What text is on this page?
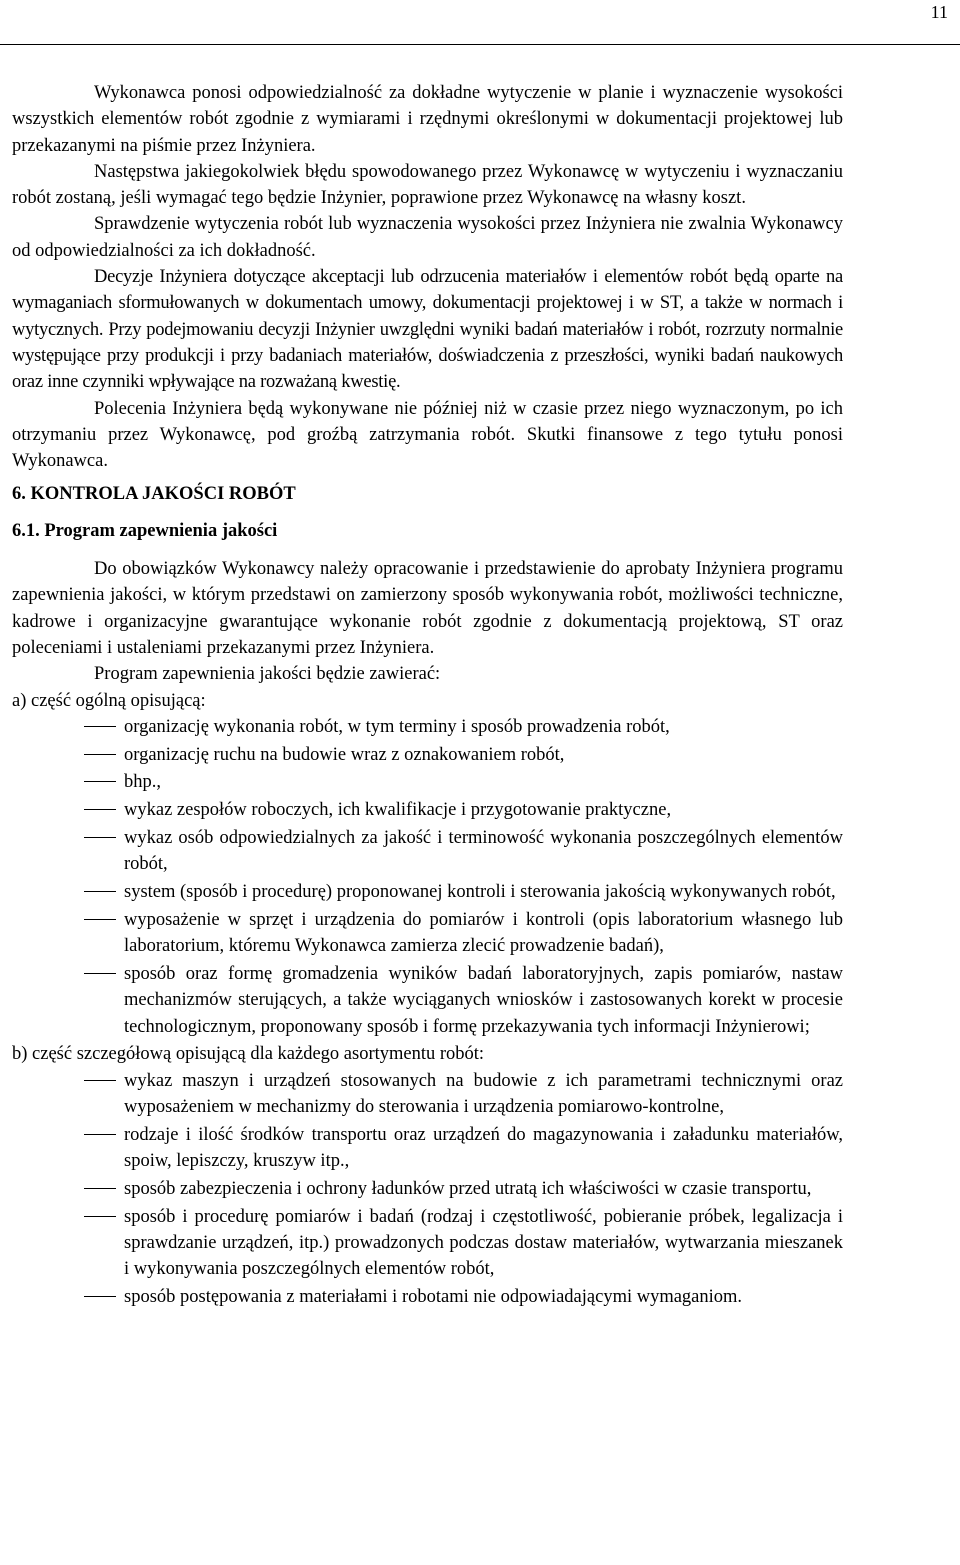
11

Wykonawca ponosi odpowiedzialność za dokładne wytyczenie w planie i wyznaczenie wysokości wszystkich elementów robót zgodnie z wymiarami i rzędnymi określonymi w dokumentacji projektowej lub przekazanymi na piśmie przez Inżyniera.

Następstwa jakiegokolwiek błędu spowodowanego przez Wykonawcę w wytyczeniu i wyznaczaniu robót zostaną, jeśli wymagać tego będzie Inżynier, poprawione przez Wykonawcę na własny koszt.

Sprawdzenie wytyczenia robót lub wyznaczenia wysokości przez Inżyniera nie zwalnia Wykonawcy od odpowiedzialności za ich dokładność.

Decyzje Inżyniera dotyczące akceptacji lub odrzucenia materiałów i elementów robót będą oparte na wymaganiach sformułowanych w dokumentach umowy, dokumentacji projektowej i w ST, a także w normach i wytycznych. Przy podejmowaniu decyzji Inżynier uwzględni wyniki badań materiałów i robót, rozrzuty normalnie występujące przy produkcji i przy badaniach materiałów, doświadczenia z przeszłości, wyniki badań naukowych oraz inne czynniki wpływające na rozważaną kwestię.

Polecenia Inżyniera będą wykonywane nie później niż w czasie przez niego wyznaczonym, po ich otrzymaniu przez Wykonawcę, pod groźbą zatrzymania robót. Skutki finansowe z tego tytułu ponosi Wykonawca.

6. KONTROLA JAKOŚCI ROBÓT
6.1. Program zapewnienia jakości

Do obowiązków Wykonawcy należy opracowanie i przedstawienie do aprobaty Inżyniera programu zapewnienia jakości, w którym przedstawi on zamierzony sposób wykonywania robót, możliwości techniczne, kadrowe i organizacyjne gwarantujące wykonanie robót zgodnie z dokumentacją projektową, ST oraz poleceniami i ustaleniami przekazanymi przez Inżyniera.

Program zapewnienia jakości będzie zawierać:

a) część ogólną opisującą:

organizację wykonania robót, w tym terminy i sposób prowadzenia robót,
organizację ruchu na budowie wraz z oznakowaniem robót,
bhp.,
wykaz zespołów roboczych, ich kwalifikacje i przygotowanie praktyczne,
wykaz osób odpowiedzialnych za jakość i terminowość wykonania poszczególnych elementów robót,
system (sposób i procedurę) proponowanej kontroli i sterowania jakością wykonywanych robót,
wyposażenie w sprzęt i urządzenia do pomiarów i kontroli (opis laboratorium własnego lub laboratorium, któremu Wykonawca zamierza zlecić prowadzenie badań),
sposób oraz formę gromadzenia wyników badań laboratoryjnych, zapis pomiarów, nastaw mechanizmów sterujących, a także wyciąganych wniosków i zastosowanych korekt w procesie technologicznym, proponowany sposób i formę przekazywania tych informacji Inżynierowi;

b) część szczegółową opisującą dla każdego asortymentu robót:

wykaz maszyn i urządzeń stosowanych na budowie z ich parametrami technicznymi oraz wyposażeniem w mechanizmy do sterowania i urządzenia pomiarowo-kontrolne,
rodzaje i ilość środków transportu oraz urządzeń do magazynowania i załadunku materiałów, spoiw, lepiszczy, kruszyw itp.,
sposób zabezpieczenia i ochrony ładunków przed utratą ich właściwości w czasie transportu,
sposób i procedurę pomiarów i badań (rodzaj i częstotliwość, pobieranie próbek, legalizacja i sprawdzanie urządzeń, itp.) prowadzonych podczas dostaw materiałów, wytwarzania mieszanek i wykonywania poszczególnych elementów robót,
sposób postępowania z materiałami i robotami nie odpowiadającymi wymaganiom.
